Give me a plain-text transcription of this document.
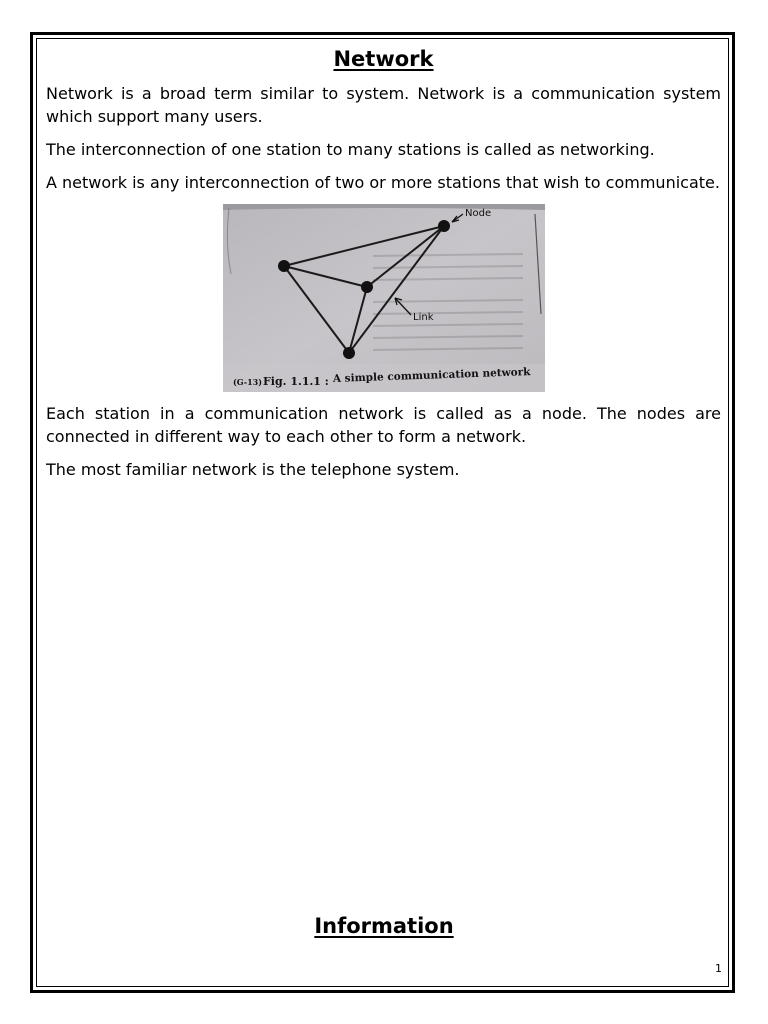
Network

Network is a broad term similar to system. Network is a communication system which support many users.

The interconnection of one station to many stations is called as networking.

A network is any interconnection of two or more stations that wish to communicate.

Node
Link
(G-13) Fig. 1.1.1 : A simple communication network

Each station in a communication network is called as a node. The nodes are connected in different way to each other to form a network.

The most familiar network is the telephone system.

Information
1
